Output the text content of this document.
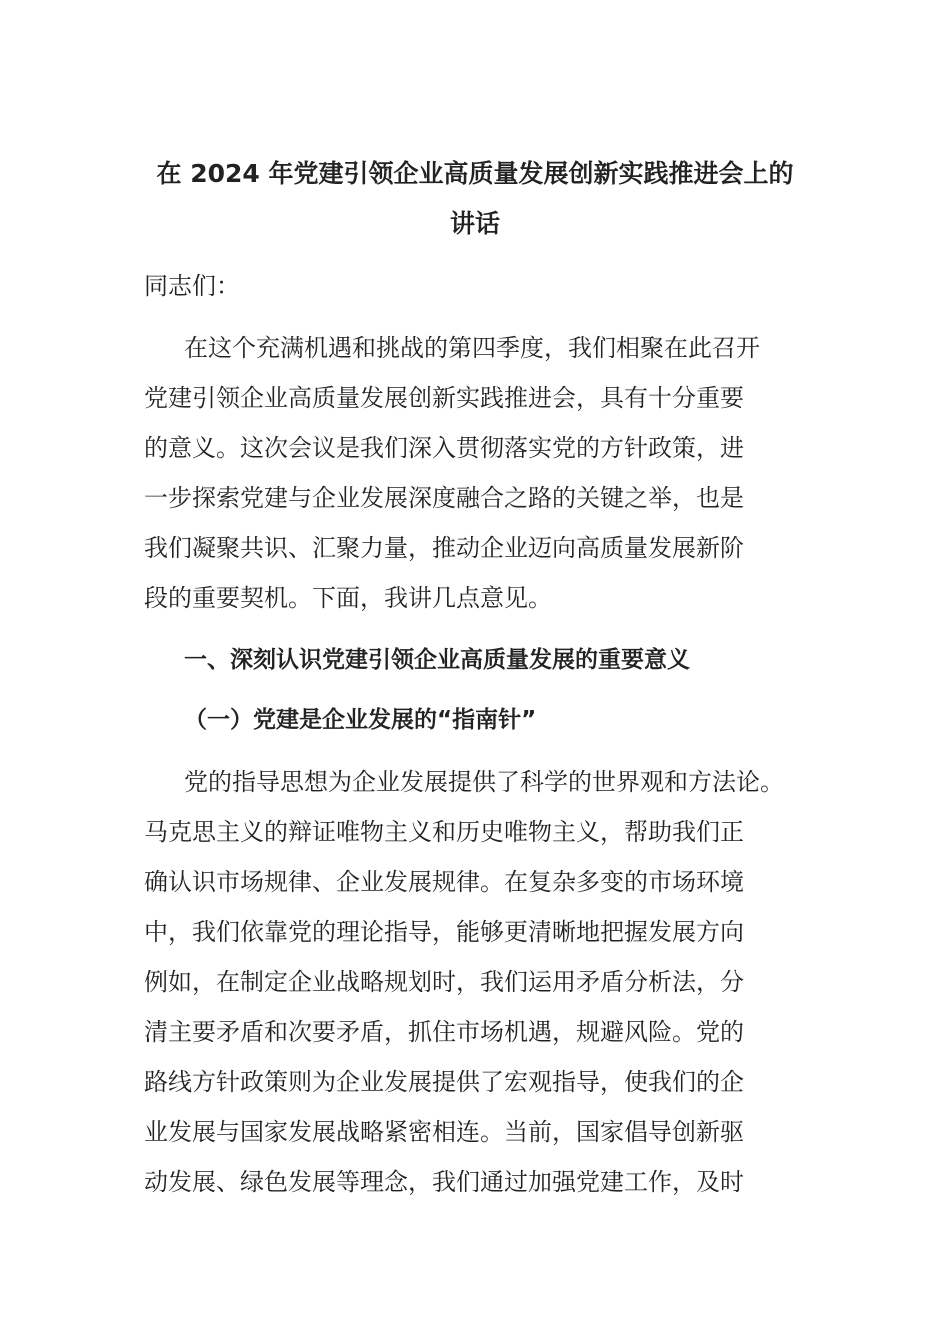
在 2024 年党建引领企业高质量发展创新实践推进会上的
讲话
同志们：
在这个充满机遇和挑战的第四季度，我们相聚在此召开
党建引领企业高质量发展创新实践推进会，具有十分重要
的意义。这次会议是我们深入贯彻落实党的方针政策，进
一步探索党建与企业发展深度融合之路的关键之举，也是
我们凝聚共识、汇聚力量，推动企业迈向高质量发展新阶
段的重要契机。下面，我讲几点意见。
一、深刻认识党建引领企业高质量发展的重要意义
（一）党建是企业发展的“指南针”
党的指导思想为企业发展提供了科学的世界观和方法论。
马克思主义的辩证唯物主义和历史唯物主义，帮助我们正
确认识市场规律、企业发展规律。在复杂多变的市场环境
中，我们依靠党的理论指导，能够更清晰地把握发展方向
例如，在制定企业战略规划时，我们运用矛盾分析法，分
清主要矛盾和次要矛盾，抓住市场机遇，规避风险。党的
路线方针政策则为企业发展提供了宏观指导，使我们的企
业发展与国家发展战略紧密相连。当前，国家倡导创新驱
动发展、绿色发展等理念，我们通过加强党建工作，及时
